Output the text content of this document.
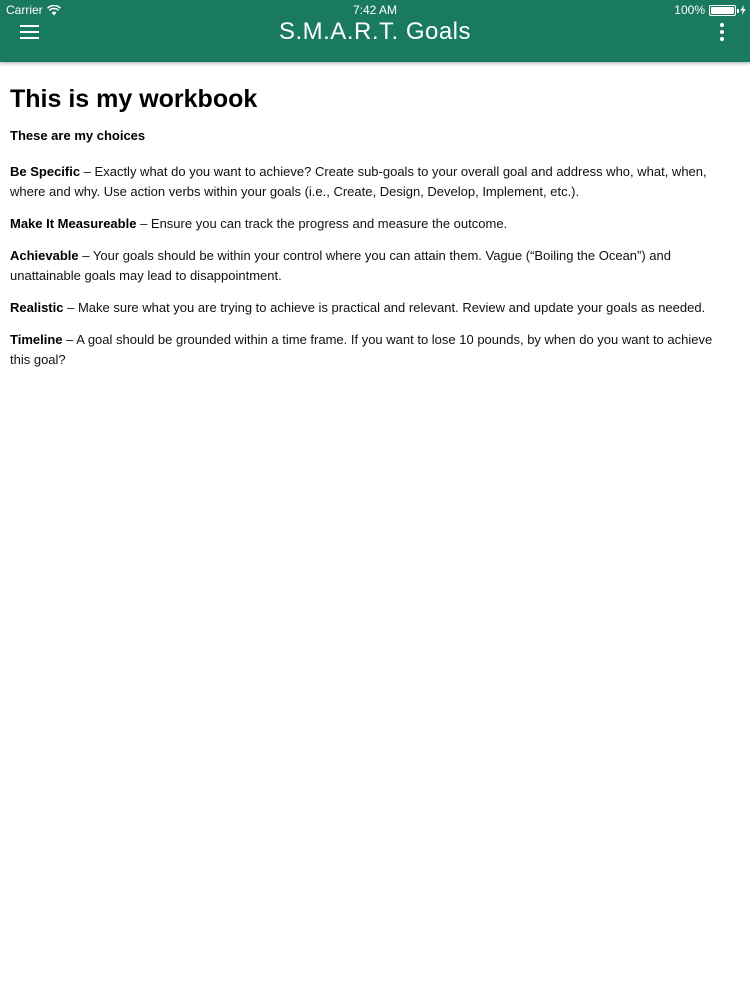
Carrier	7:42 AM	100%
S.M.A.R.T. Goals
This is my workbook
These are my choices

Be Specific – Exactly what do you want to achieve? Create sub-goals to your overall goal and address who, what, when, where and why. Use action verbs within your goals (i.e., Create, Design, Develop, Implement, etc.).

Make It Measureable – Ensure you can track the progress and measure the outcome.

Achievable – Your goals should be within your control where you can attain them. Vague (“Boiling the Ocean”) and unattainable goals may lead to disappointment.

Realistic – Make sure what you are trying to achieve is practical and relevant. Review and update your goals as needed.

Timeline – A goal should be grounded within a time frame. If you want to lose 10 pounds, by when do you want to achieve this goal?
